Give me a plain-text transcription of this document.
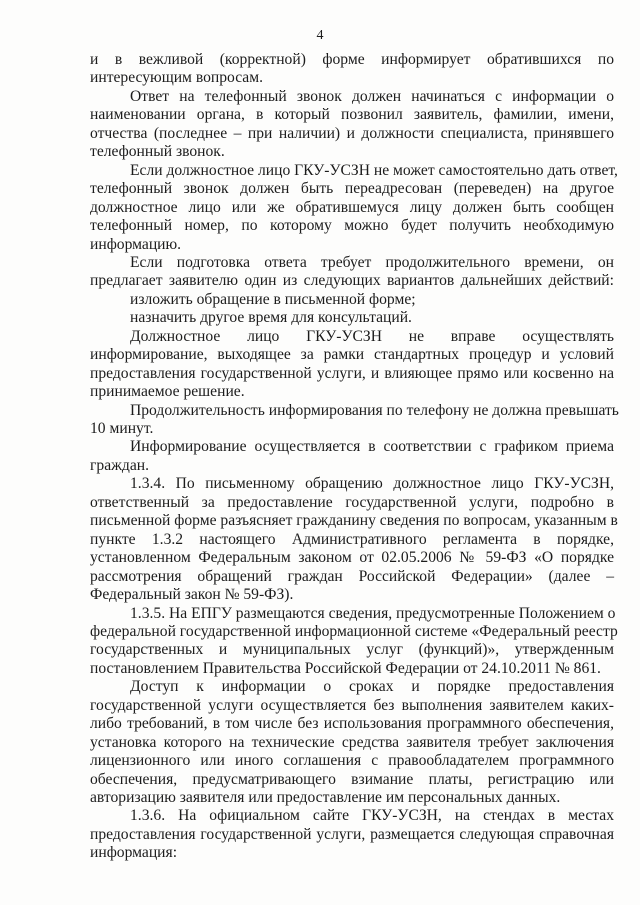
4
и в вежливой (корректной) форме информирует обратившихся по
интересующим вопросам.
Ответ на телефонный звонок должен начинаться с информации о
наименовании органа, в который позвонил заявитель, фамилии, имени,
отчества (последнее – при наличии) и должности специалиста, принявшего
телефонный звонок.
Если должностное лицо ГКУ-УСЗН не может самостоятельно дать ответ,
телефонный звонок должен быть переадресован (переведен) на другое
должностное лицо или же обратившемуся лицу должен быть сообщен
телефонный номер, по которому можно будет получить необходимую
информацию.
Если подготовка ответа требует продолжительного времени, он
предлагает заявителю один из следующих вариантов дальнейших действий:
изложить обращение в письменной форме;
назначить другое время для консультаций.
Должностное лицо ГКУ-УСЗН не вправе осуществлять
информирование, выходящее за рамки стандартных процедур и условий
предоставления государственной услуги, и влияющее прямо или косвенно на
принимаемое решение.
Продолжительность информирования по телефону не должна превышать
10 минут.
Информирование осуществляется в соответствии с графиком приема
граждан.
1.3.4. По письменному обращению должностное лицо ГКУ-УСЗН,
ответственный за предоставление государственной услуги, подробно в
письменной форме разъясняет гражданину сведения по вопросам, указанным в
пункте 1.3.2 настоящего Административного регламента в порядке,
установленном Федеральным законом от 02.05.2006 № 59-ФЗ «О порядке
рассмотрения обращений граждан Российской Федерации» (далее –
Федеральный закон № 59-ФЗ).
1.3.5. На ЕПГУ размещаются сведения, предусмотренные Положением о
федеральной государственной информационной системе «Федеральный реестр
государственных и муниципальных услуг (функций)», утвержденным
постановлением Правительства Российской Федерации от 24.10.2011 № 861.
Доступ к информации о сроках и порядке предоставления
государственной услуги осуществляется без выполнения заявителем каких-
либо требований, в том числе без использования программного обеспечения,
установка которого на технические средства заявителя требует заключения
лицензионного или иного соглашения с правообладателем программного
обеспечения, предусматривающего взимание платы, регистрацию или
авторизацию заявителя или предоставление им персональных данных.
1.3.6. На официальном сайте ГКУ-УСЗН, на стендах в местах
предоставления государственной услуги, размещается следующая справочная
информация:
